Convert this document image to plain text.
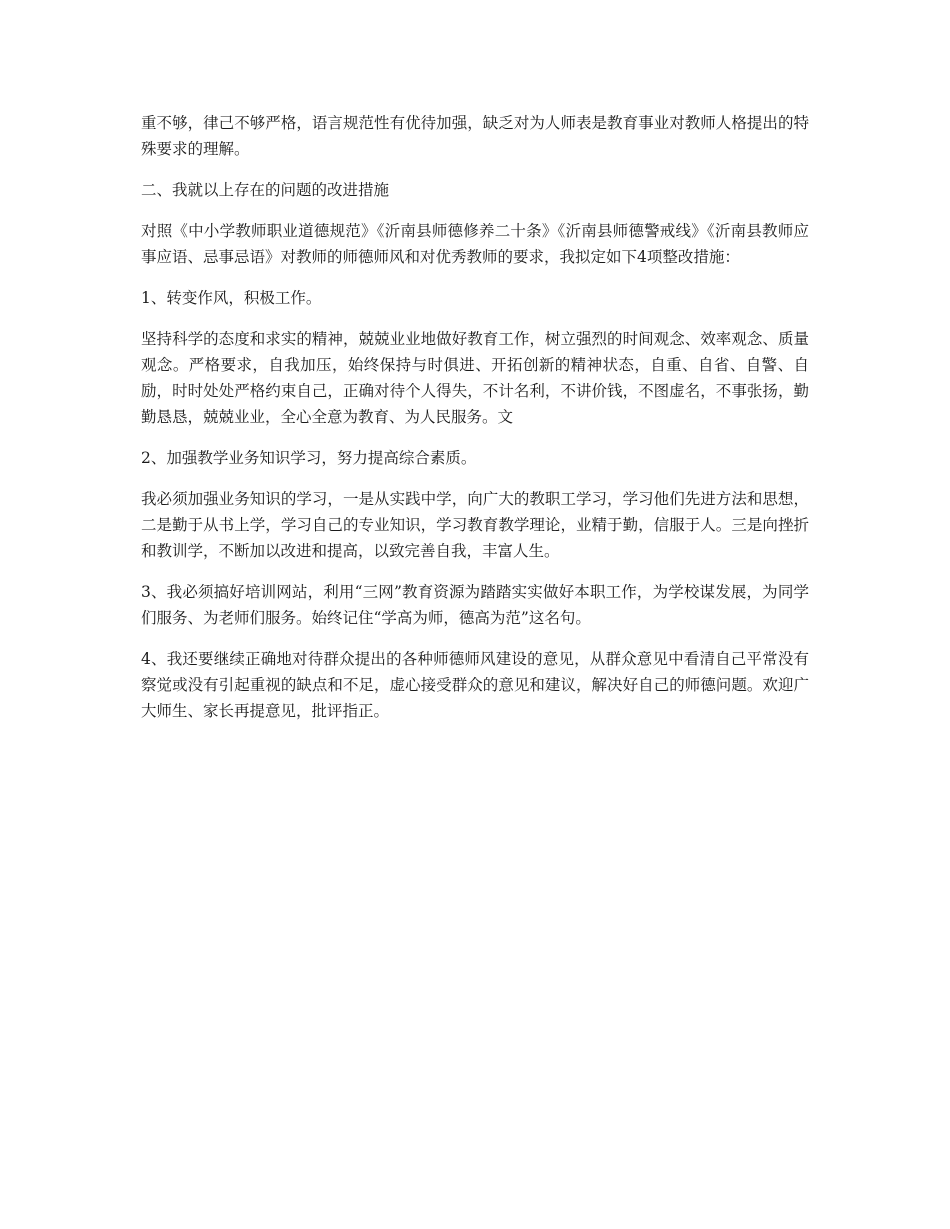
重不够，律己不够严格，语言规范性有优待加强，缺乏对为人师表是教育事业对教师人格提出的特殊要求的理解。

二、我就以上存在的问题的改进措施

对照《中小学教师职业道德规范》《沂南县师德修养二十条》《沂南县师德警戒线》《沂南县教师应事应语、忌事忌语》对教师的师德师风和对优秀教师的要求，我拟定如下4项整改措施：

1、转变作风，积极工作。

坚持科学的态度和求实的精神，兢兢业业地做好教育工作，树立强烈的时间观念、效率观念、质量观念。严格要求，自我加压，始终保持与时俱进、开拓创新的精神状态，自重、自省、自警、自励，时时处处严格约束自己，正确对待个人得失，不计名利，不讲价钱，不图虚名，不事张扬，勤勤恳恳，兢兢业业，全心全意为教育、为人民服务。文

2、加强教学业务知识学习，努力提高综合素质。

我必须加强业务知识的学习，一是从实践中学，向广大的教职工学习，学习他们先进方法和思想，二是勤于从书上学，学习自己的专业知识，学习教育教学理论，业精于勤，信服于人。三是向挫折和教训学，不断加以改进和提高，以致完善自我，丰富人生。

3、我必须搞好培训网站，利用“三网”教育资源为踏踏实实做好本职工作，为学校谋发展，为同学们服务、为老师们服务。始终记住“学高为师，德高为范”这名句。

4、我还要继续正确地对待群众提出的各种师德师风建设的意见，从群众意见中看清自己平常没有察觉或没有引起重视的缺点和不足，虚心接受群众的意见和建议，解决好自己的师德问题。欢迎广大师生、家长再提意见，批评指正。
